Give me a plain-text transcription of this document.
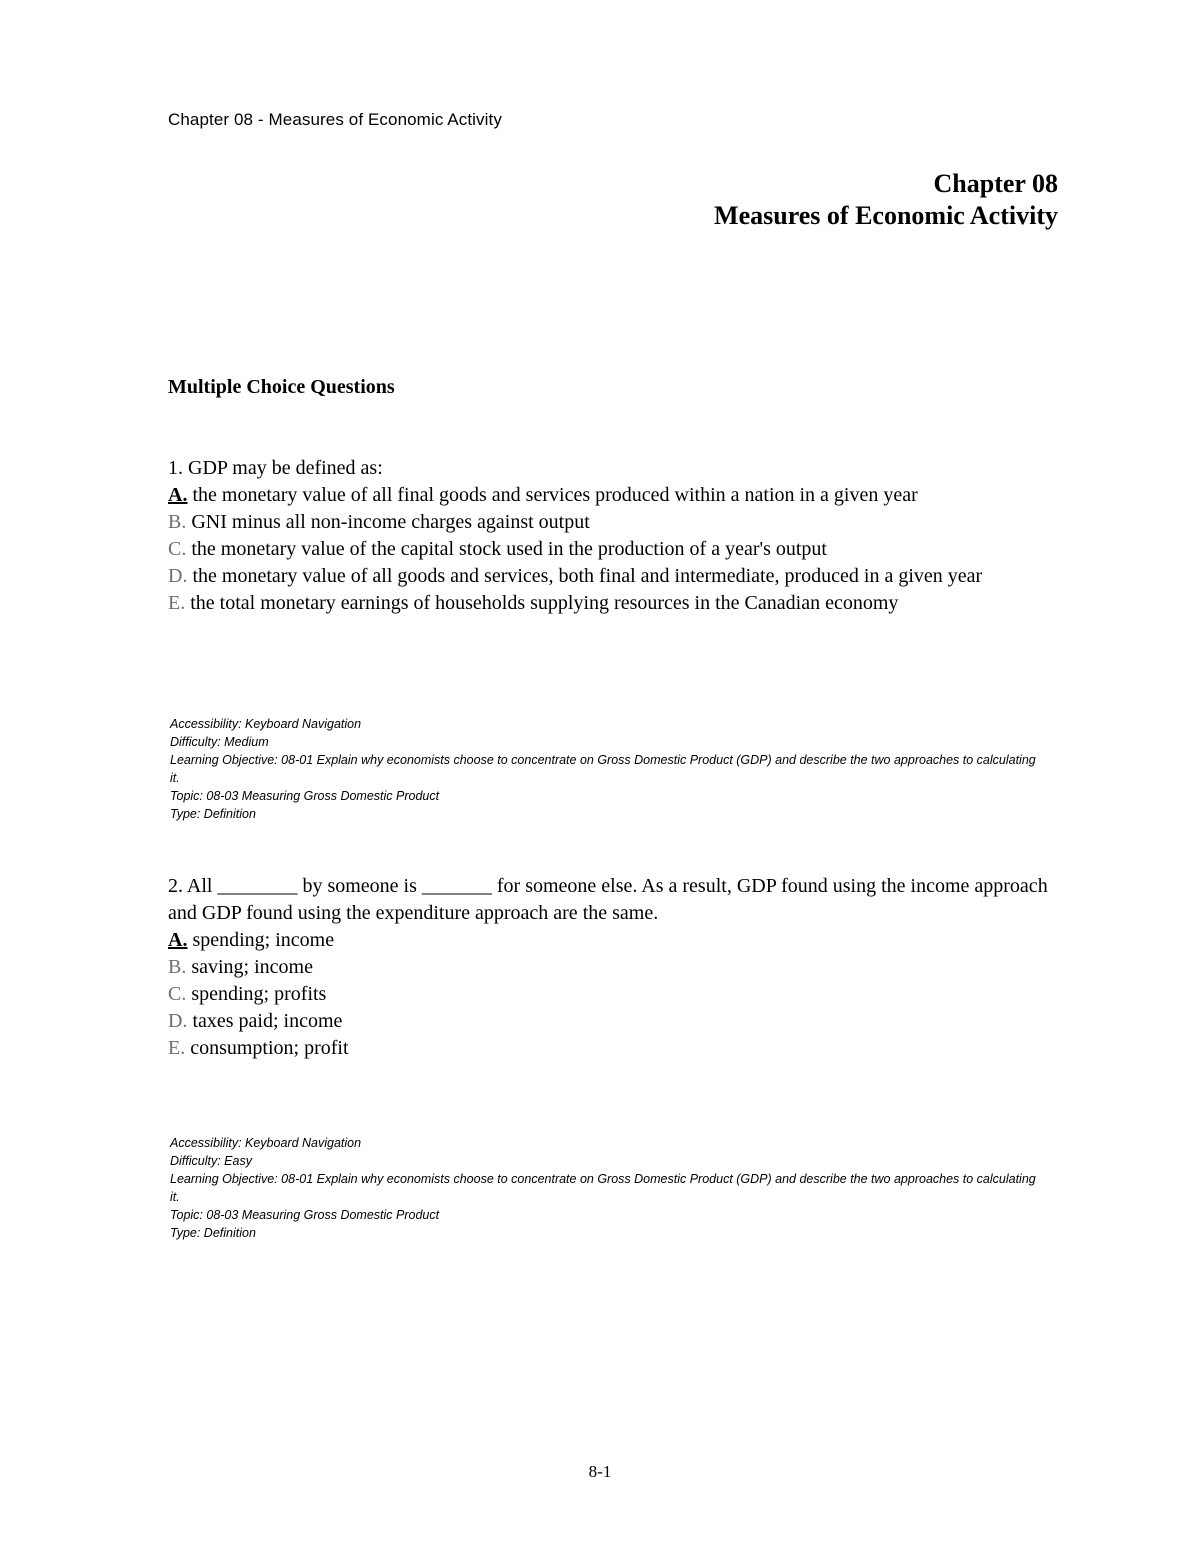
Chapter 08 - Measures of Economic Activity
Chapter 08
Measures of Economic Activity
Multiple Choice Questions

1. GDP may be defined as:

A. the monetary value of all final goods and services produced within a nation in a given year

B. GNI minus all non-income charges against output

C. the monetary value of the capital stock used in the production of a year's output

D. the monetary value of all goods and services, both final and intermediate, produced in a given year

E. the total monetary earnings of households supplying resources in the Canadian economy

Accessibility: Keyboard Navigation
Difficulty: Medium
Learning Objective: 08-01 Explain why economists choose to concentrate on Gross Domestic Product (GDP) and describe the two approaches to calculating it.
Topic: 08-03 Measuring Gross Domestic Product
Type: Definition

2. All ________ by someone is _______ for someone else. As a result, GDP found using the income approach and GDP found using the expenditure approach are the same.

A. spending; income

B. saving; income

C. spending; profits

D. taxes paid; income

E. consumption; profit

Accessibility: Keyboard Navigation
Difficulty: Easy
Learning Objective: 08-01 Explain why economists choose to concentrate on Gross Domestic Product (GDP) and describe the two approaches to calculating it.
Topic: 08-03 Measuring Gross Domestic Product
Type: Definition
8-1
